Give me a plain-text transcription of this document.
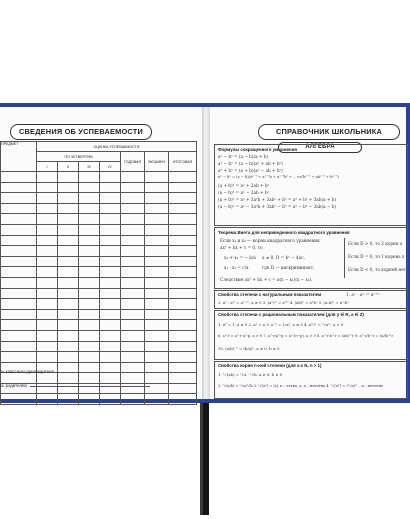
СВЕДЕНИЯ ОБ УСПЕВАЕМОСТИ
ПРЕДМЕТ	ОЦЕНКА УСПЕВАЕМОСТИ						
	ПО ЧЕТВЕРТЯМ				ГОДОВАЯ	ЭКЗАМЕН	ИТОГОВАЯ
	I	II	III	IV			

сь классного руководителя
сь родителей
СПРАВОЧНИК ШКОЛЬНИКА
АЛГЕБРА
Формулы сокращенного умножения
a² − b² = (a − b)(a + b)
a³ − b³ = (a − b)(a² + ab + b²)
a³ + b³ = (a + b)(a² − ab + b²)
aⁿ − bⁿ = (a − b)(aⁿ⁻¹ + aⁿ⁻²b + aⁿ⁻³b² + ...+a²bⁿ⁻³ + abⁿ⁻² + bⁿ⁻¹)
(a + b)² = a² + 2ab + b²
(a − b)² = a² − 2ab + b²
(a + b)³ = a³ + 3a²b + 3ab² + b³ = a³ + b³ + 3ab(a + b)
(a − b)³ = a³ − 3a²b + 3ab² − b³ = a³ − b³ − 3ab(a − b)
Теорема Виета для неприведенного квадратного уравнения
Если x₁ и x₂ — корни квадратного уравнения
ax² + bx + c = 0, то
x₁ + x₂ = − b/a
x₁ · x₂ = c/a
a ≠ 0, D = b² − 4ac,
где D — дискриминант.
Следствие ax² + bx + c = a(x − x₁)(x − x₂).
Если D > 0, то 2 корня x
Если D = 0, то 1 корень x
Если D < 0, то корней нет
Свойства степени с натуральным показателем	1. aⁿ · aᵐ = aⁿ⁺ᵐ
2. aⁿ : aᵐ = aⁿ⁻ᵐ, a ≠ 0 3. (aⁿ)ᵐ = aⁿᵐ 4. (ab)ⁿ = aⁿbⁿ 5. (a:b)ⁿ = aⁿ:bⁿ
Свойства степени с рациональным показателем (для y ∈ R, a ∈ Z)
1. a⁰ = 1, a ≠ 0 2. a¹ = a 3. a⁻ⁿ = 1/aⁿ, a ≠ 0 4. aᵐ/ⁿ = ⁿ√aᵐ, a > 0
6. a^r = a^r·a^p, a > 0 7. a^r/a^p = a^(r−p), a > 0 8. a^r·b^r = (ab)^r 9. a^r/b^r = (a/b)^r
10. (a/b)⁻ⁿ = (b/a)ⁿ, a ≠ 0, b ≠ 0
Свойства корня n-ной степени (для a ≤ N, n > 1)
1. ⁿ√(ab) = ⁿ√a · ⁿ√b, a ≥ 0, b ≥ 0
2. ⁿ√(a/b) = ⁿ√a/ⁿ√b 3. ⁿ√(aⁿ) = |a|, n – четно; a, n – нечетно 4. ⁿ√(aᵐ) = (ⁿ√a)ᵐ ...n – нечетно
